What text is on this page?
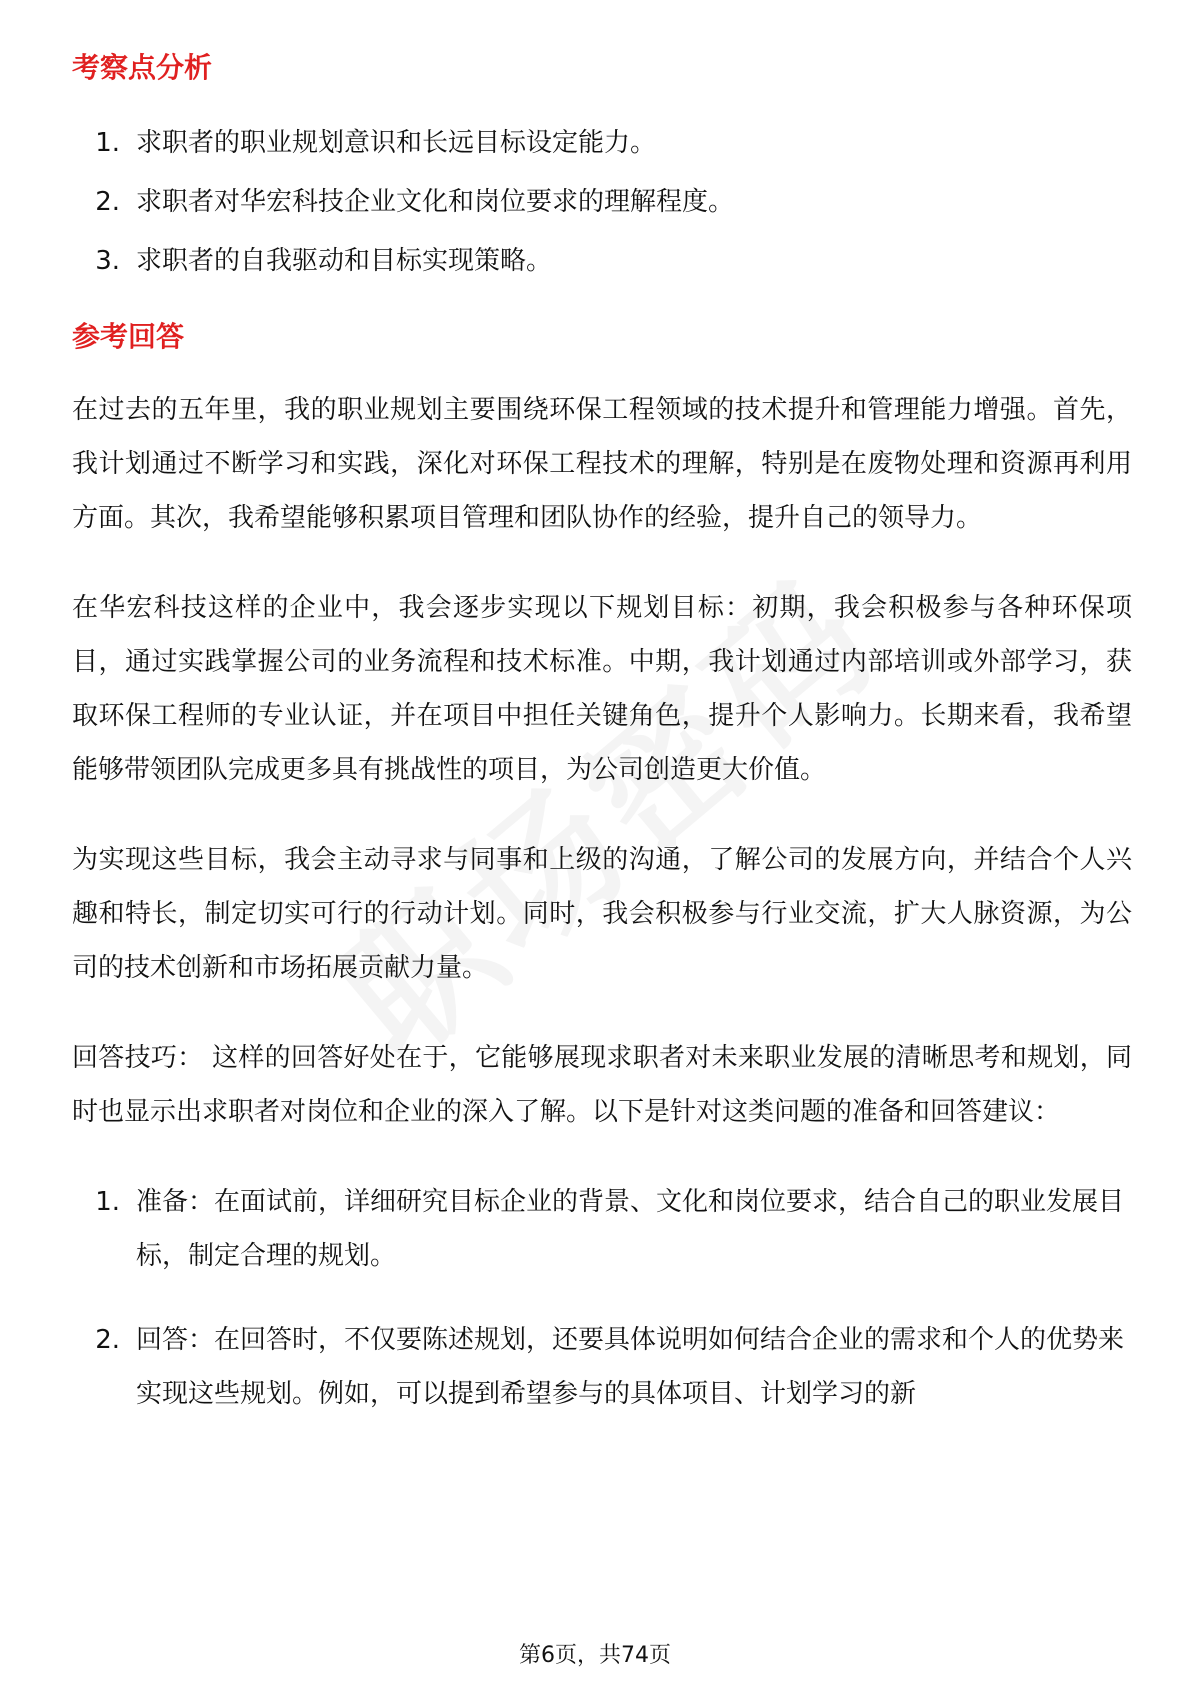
考察点分析
1. 求职者的职业规划意识和长远目标设定能力。
2. 求职者对华宏科技企业文化和岗位要求的理解程度。
3. 求职者的自我驱动和目标实现策略。
参考回答

在过去的五年里，我的职业规划主要围绕环保工程领域的技术提升和管理能力增强。首先，我计划通过不断学习和实践，深化对环保工程技术的理解，特别是在废物处理和资源再利用方面。其次，我希望能够积累项目管理和团队协作的经验，提升自己的领导力。

在华宏科技这样的企业中，我会逐步实现以下规划目标：初期，我会积极参与各种环保项目，通过实践掌握公司的业务流程和技术标准。中期，我计划通过内部培训或外部学习，获取环保工程师的专业认证，并在项目中担任关键角色，提升个人影响力。长期来看，我希望能够带领团队完成更多具有挑战性的项目，为公司创造更大价值。

为实现这些目标，我会主动寻求与同事和上级的沟通，了解公司的发展方向，并结合个人兴趣和特长，制定切实可行的行动计划。同时，我会积极参与行业交流，扩大人脉资源，为公司的技术创新和市场拓展贡献力量。

回答技巧： 这样的回答好处在于，它能够展现求职者对未来职业发展的清晰思考和规划，同时也显示出求职者对岗位和企业的深入了解。以下是针对这类问题的准备和回答建议：

1. 准备：在面试前，详细研究目标企业的背景、文化和岗位要求，结合自己的职业发展目标，制定合理的规划。
2. 回答：在回答时，不仅要陈述规划，还要具体说明如何结合企业的需求和个人的优势来实现这些规划。例如，可以提到希望参与的具体项目、计划学习的新
第6页，共74页
